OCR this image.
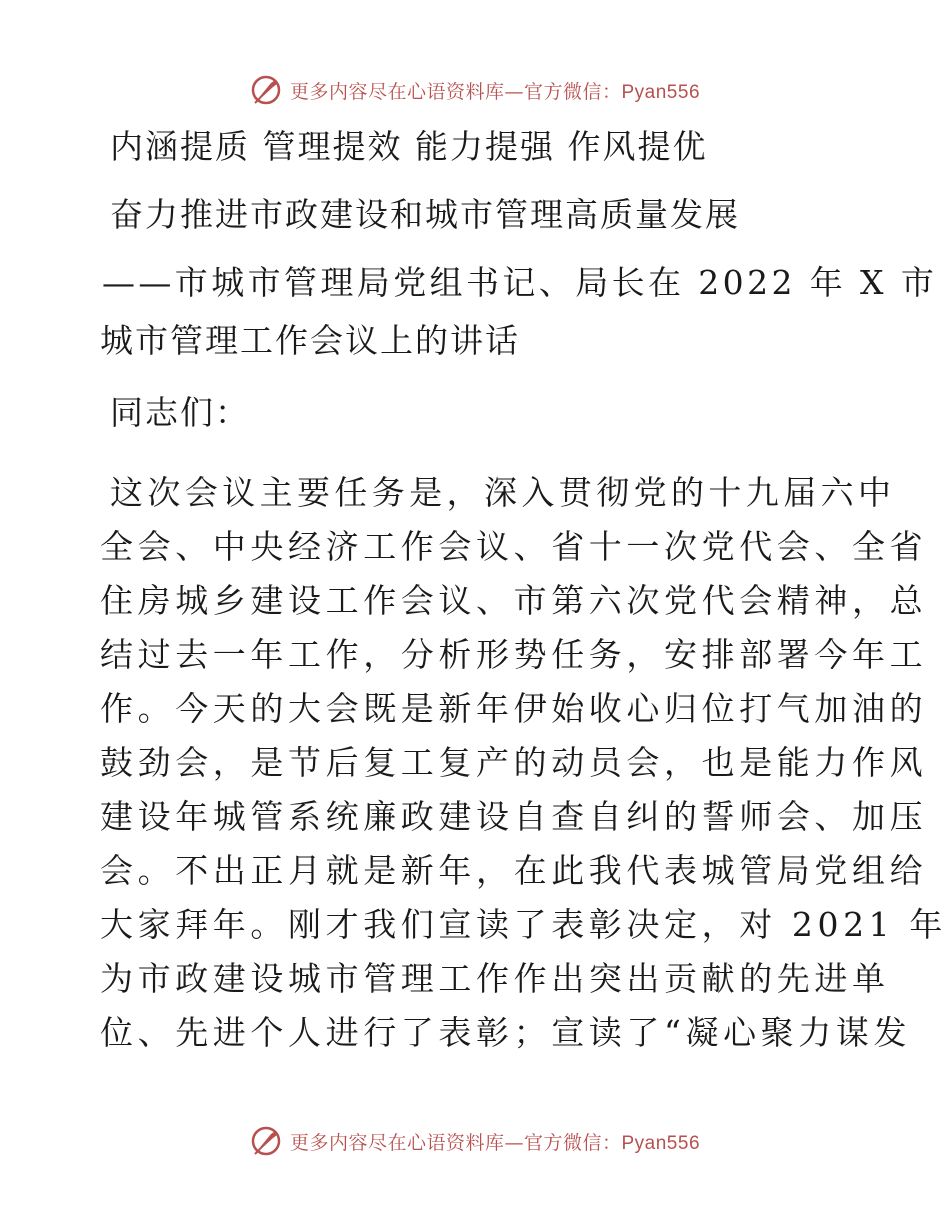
更多内容尽在心语资料库—官方微信：Pyan556
内涵提质 管理提效 能力提强 作风提优
奋力推进市政建设和城市管理高质量发展
——市城市管理局党组书记、局长在 2022 年 X 市
城市管理工作会议上的讲话
同志们：
这次会议主要任务是，深入贯彻党的十九届六中
全会、中央经济工作会议、省十一次党代会、全省
住房城乡建设工作会议、市第六次党代会精神，总
结过去一年工作，分析形势任务，安排部署今年工
作。今天的大会既是新年伊始收心归位打气加油的
鼓劲会，是节后复工复产的动员会，也是能力作风
建设年城管系统廉政建设自查自纠的誓师会、加压
会。不出正月就是新年，在此我代表城管局党组给
大家拜年。刚才我们宣读了表彰决定，对 2021 年
为市政建设城市管理工作作出突出贡献的先进单
位、先进个人进行了表彰；宣读了“凝心聚力谋发
更多内容尽在心语资料库—官方微信：Pyan556
